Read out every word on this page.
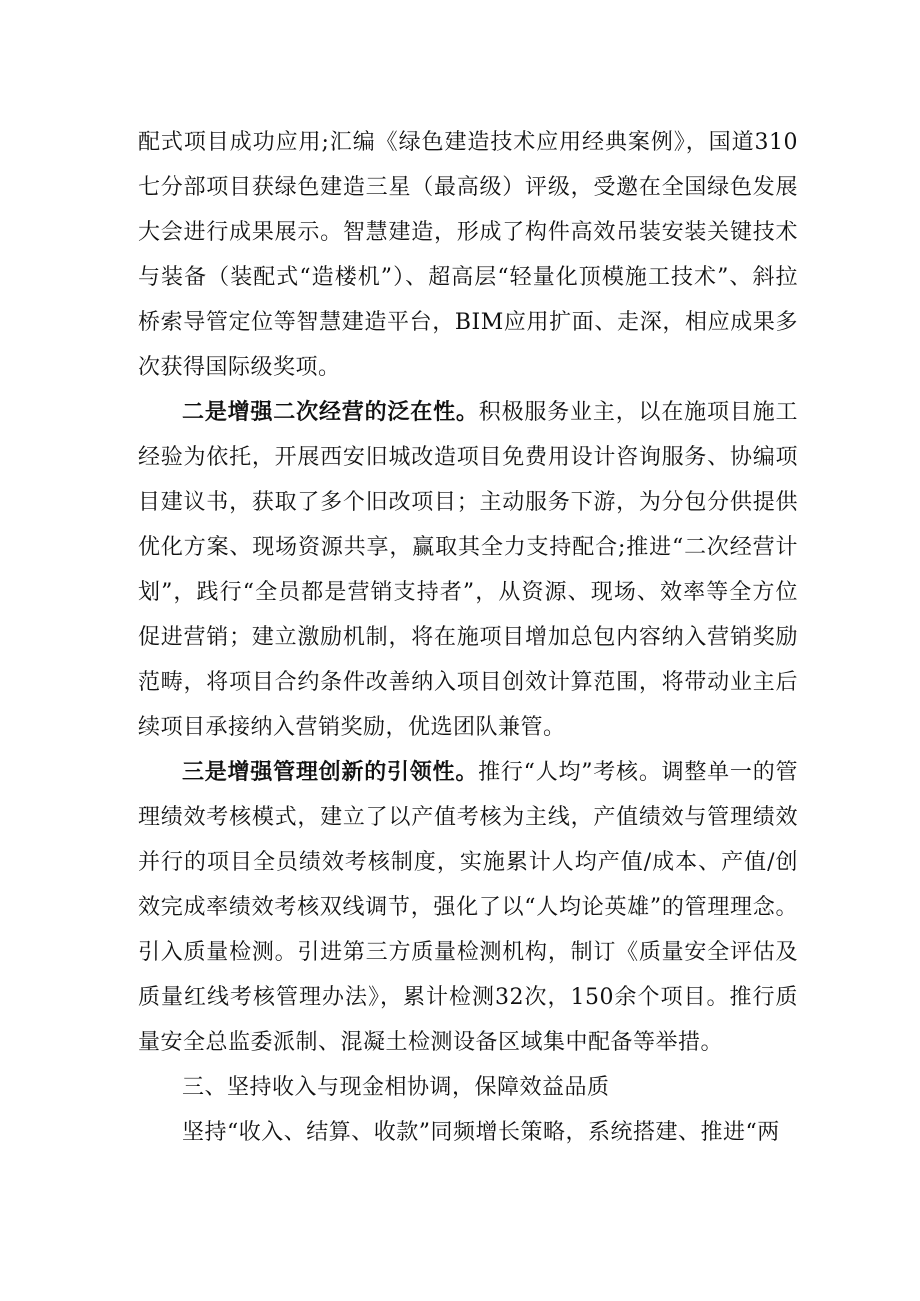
配式项目成功应用;汇编《绿色建造技术应用经典案例》，国道310七分部项目获绿色建造三星（最高级）评级，受邀在全国绿色发展大会进行成果展示。智慧建造，形成了构件高效吊装安装关键技术与装备（装配式“造楼机”）、超高层“轻量化顶模施工技术”、斜拉桥索导管定位等智慧建造平台，BIM应用扩面、走深，相应成果多次获得国际级奖项。

二是增强二次经营的泛在性。积极服务业主，以在施项目施工经验为依托，开展西安旧城改造项目免费用设计咨询服务、协编项目建议书，获取了多个旧改项目；主动服务下游，为分包分供提供优化方案、现场资源共享，赢取其全力支持配合;推进“二次经营计划”，践行“全员都是营销支持者”，从资源、现场、效率等全方位促进营销；建立激励机制，将在施项目增加总包内容纳入营销奖励范畴，将项目合约条件改善纳入项目创效计算范围，将带动业主后续项目承接纳入营销奖励，优选团队兼管。

三是增强管理创新的引领性。推行“人均”考核。调整单一的管理绩效考核模式，建立了以产值考核为主线，产值绩效与管理绩效并行的项目全员绩效考核制度，实施累计人均产值/成本、产值/创效完成率绩效考核双线调节，强化了以“人均论英雄”的管理理念。引入质量检测。引进第三方质量检测机构，制订《质量安全评估及质量红线考核管理办法》，累计检测32次，150余个项目。推行质量安全总监委派制、混凝土检测设备区域集中配备等举措。

三、坚持收入与现金相协调，保障效益品质

坚持“收入、结算、收款”同频增长策略，系统搭建、推进“两
